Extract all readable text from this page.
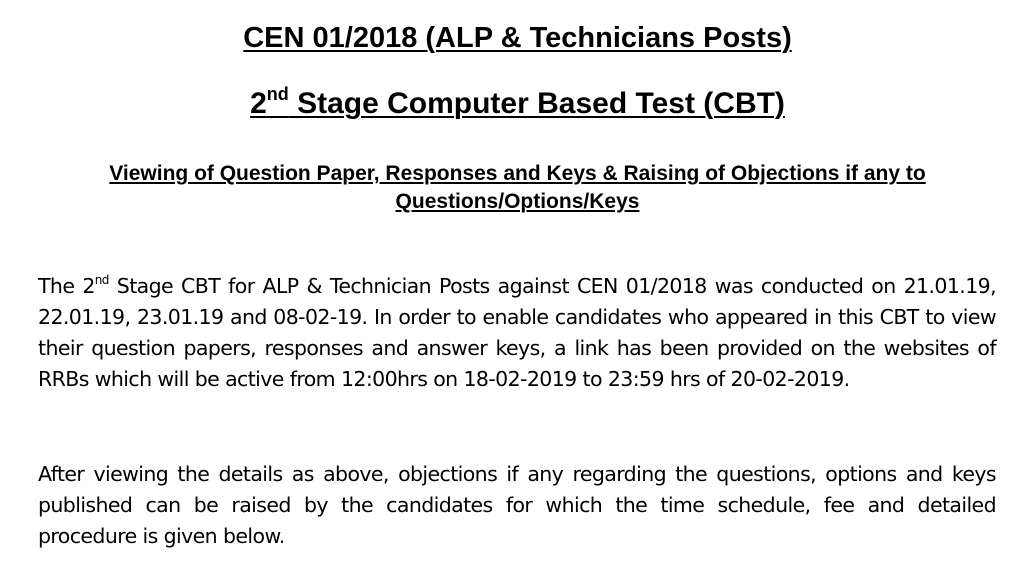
CEN 01/2018 (ALP & Technicians Posts)
2nd Stage Computer Based Test (CBT)
Viewing of Question Paper, Responses and Keys & Raising of Objections if any to Questions/Options/Keys
The 2nd Stage CBT for ALP & Technician Posts against CEN 01/2018 was conducted on 21.01.19, 22.01.19, 23.01.19 and 08-02-19. In order to enable candidates who appeared in this CBT to view their question papers, responses and answer keys, a link has been provided on the websites of RRBs which will be active from 12:00hrs on 18-02-2019 to 23:59 hrs of 20-02-2019.
After viewing the details as above, objections if any regarding the questions, options and keys published can be raised by the candidates for which the time schedule, fee and detailed procedure is given below.
